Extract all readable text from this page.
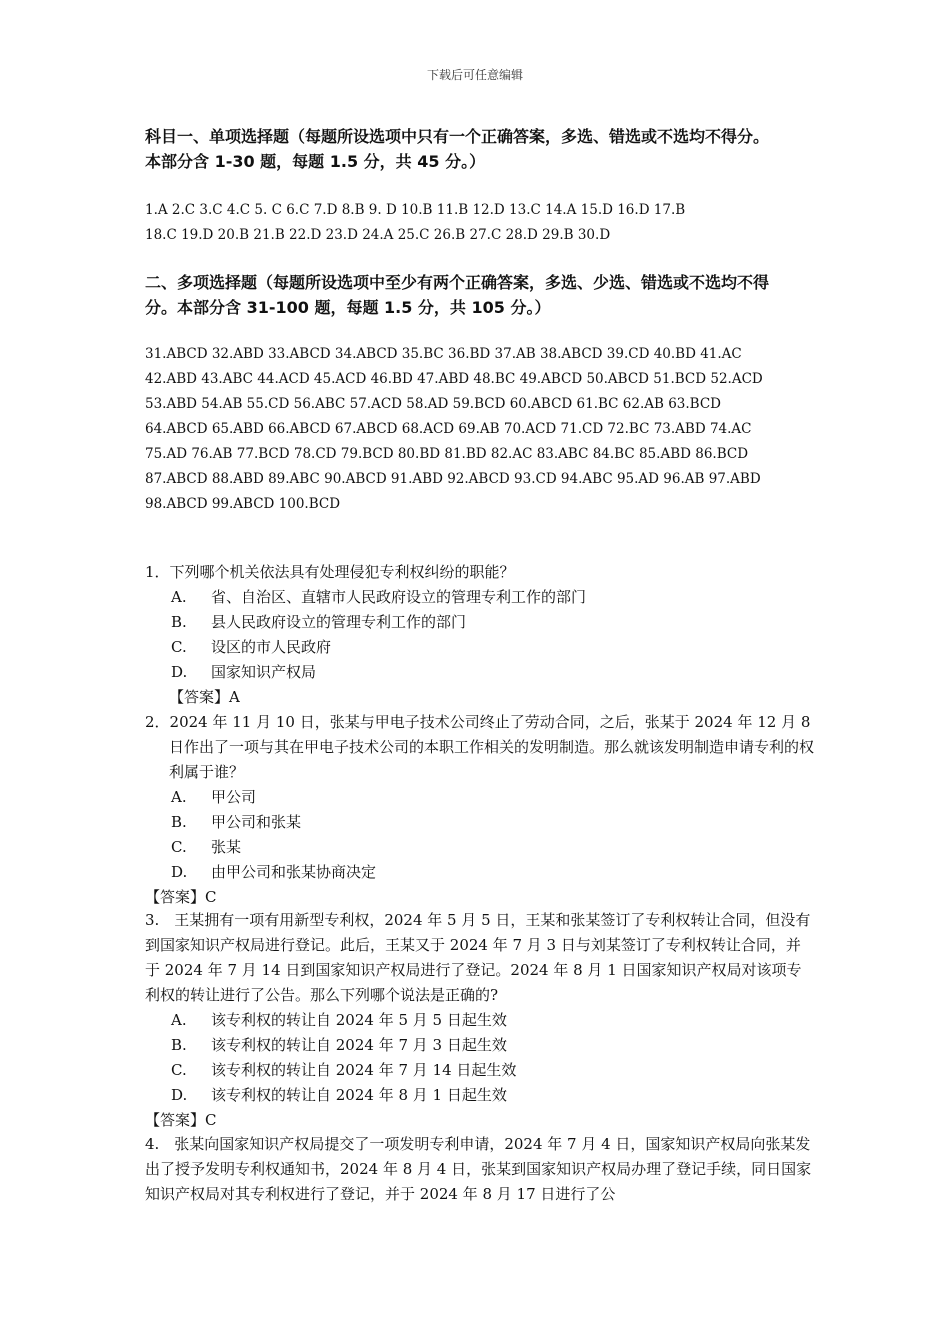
下载后可任意编辑
科目一、单项选择题（每题所设选项中只有一个正确答案，多选、错选或不选均不得分。
本部分含 1-30 题，每题 1.5 分，共 45 分。）
1.A 2.C 3.C 4.C 5. C 6.C 7.D 8.B 9. D 10.B 11.B 12.D 13.C 14.A 15.D 16.D 17.B
18.C 19.D 20.B 21.B 22.D 23.D 24.A 25.C 26.B 27.C 28.D 29.B 30.D
二、多项选择题（每题所设选项中至少有两个正确答案，多选、少选、错选或不选均不得
分。本部分含 31-100 题，每题 1.5 分，共 105 分。）
31.ABCD 32.ABD 33.ABCD 34.ABCD 35.BC 36.BD 37.AB 38.ABCD 39.CD 40.BD 41.AC
42.ABD 43.ABC 44.ACD 45.ACD 46.BD 47.ABD 48.BC 49.ABCD 50.ABCD 51.BCD 52.ACD
53.ABD 54.AB 55.CD 56.ABC 57.ACD 58.AD 59.BCD 60.ABCD 61.BC 62.AB 63.BCD
64.ABCD 65.ABD 66.ABCD 67.ABCD 68.ACD 69.AB 70.ACD 71.CD 72.BC 73.ABD 74.AC
75.AD 76.AB 77.BCD 78.CD 79.BCD 80.BD 81.BD 82.AC 83.ABC 84.BC 85.ABD 86.BCD
87.ABCD 88.ABD 89.ABC 90.ABCD 91.ABD 92.ABCD 93.CD 94.ABC 95.AD 96.AB 97.ABD
98.ABCD 99.ABCD 100.BCD
1．下列哪个机关依法具有处理侵犯专利权纠纷的职能？
A. 省、自治区、直辖市人民政府设立的管理专利工作的部门
B. 县人民政府设立的管理专利工作的部门
C. 设区的市人民政府
D. 国家知识产权局
【答案】A
2．2024 年 11 月 10 日，张某与甲电子技术公司终止了劳动合同，之后，张某于 2024 年 12 月 8 日作出了一项与其在甲电子技术公司的本职工作相关的发明制造。那么就该发明制造申请专利的权利属于谁？
A. 甲公司
B. 甲公司和张某
C. 张某
D. 由甲公司和张某协商决定
【答案】C
3.　王某拥有一项有用新型专利权，2024 年 5 月 5 日，王某和张某签订了专利权转让合同，但没有到国家知识产权局进行登记。此后，王某又于 2024 年 7 月 3 日与刘某签订了专利权转让合同，并于 2024 年 7 月 14 日到国家知识产权局进行了登记。2024 年 8 月 1 日国家知识产权局对该项专利权的转让进行了公告。那么下列哪个说法是正确的?
A. 该专利权的转让自 2024 年 5 月 5 日起生效
B. 该专利权的转让自 2024 年 7 月 3 日起生效
C. 该专利权的转让自 2024 年 7 月 14 日起生效
D. 该专利权的转让自 2024 年 8 月 1 日起生效
【答案】C
4.　张某向国家知识产权局提交了一项发明专利申请，2024 年 7 月 4 日，国家知识产权局向张某发出了授予发明专利权通知书，2024 年 8 月 4 日，张某到国家知识产权局办理了登记手续，同日国家知识产权局对其专利权进行了登记，并于 2024 年 8 月 17 日进行了公
